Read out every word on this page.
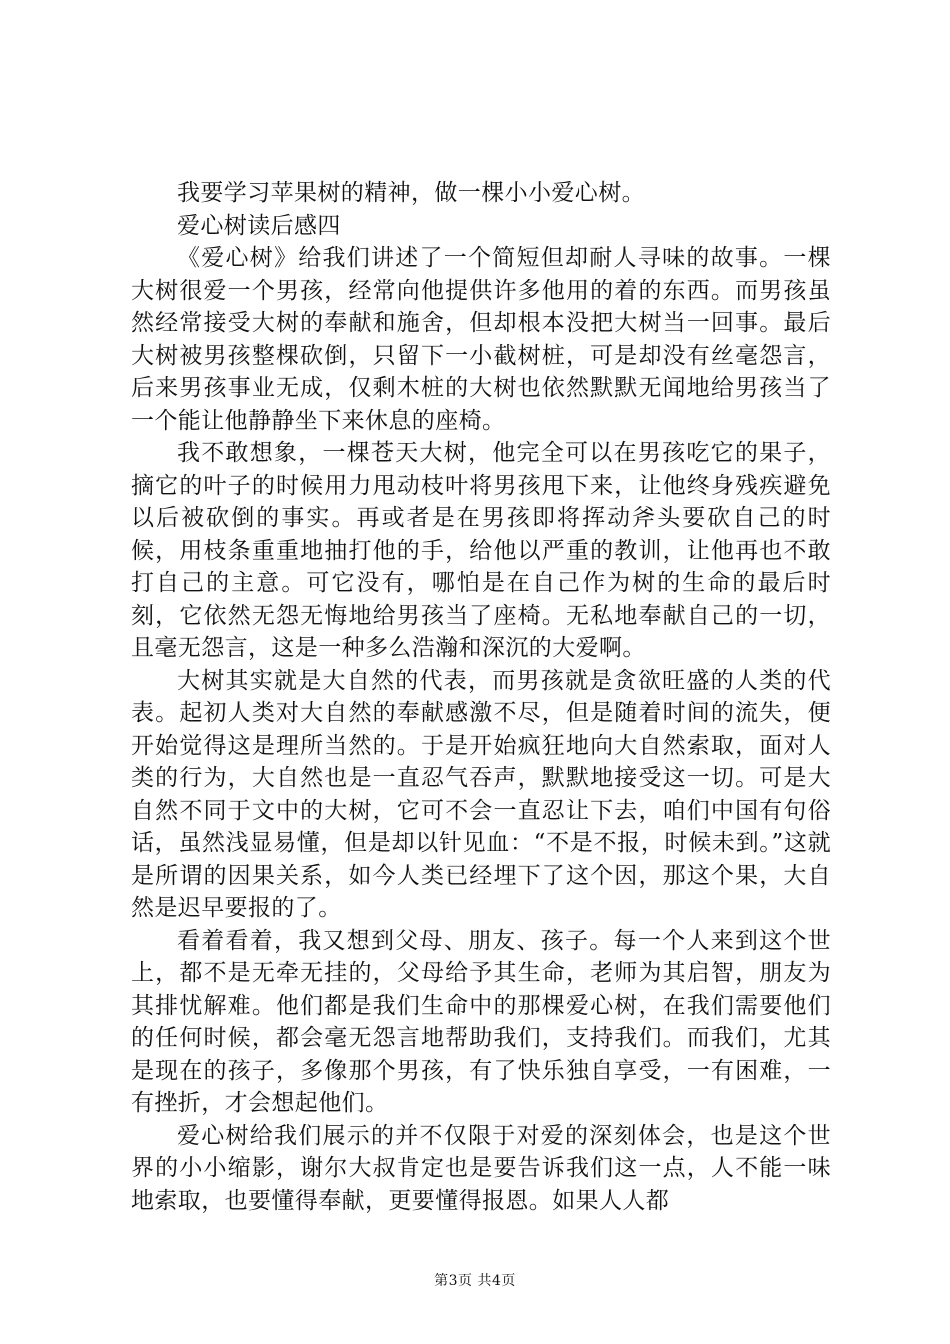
我要学习苹果树的精神，做一棵小小爱心树。

爱心树读后感四

《爱心树》给我们讲述了一个简短但却耐人寻味的故事。一棵大树很爱一个男孩，经常向他提供许多他用的着的东西。而男孩虽然经常接受大树的奉献和施舍，但却根本没把大树当一回事。最后大树被男孩整棵砍倒，只留下一小截树桩，可是却没有丝毫怨言，后来男孩事业无成，仅剩木桩的大树也依然默默无闻地给男孩当了一个能让他静静坐下来休息的座椅。

我不敢想象，一棵苍天大树，他完全可以在男孩吃它的果子，摘它的叶子的时候用力甩动枝叶将男孩甩下来，让他终身残疾避免以后被砍倒的事实。再或者是在男孩即将挥动斧头要砍自己的时候，用枝条重重地抽打他的手，给他以严重的教训，让他再也不敢打自己的主意。可它没有，哪怕是在自己作为树的生命的最后时刻，它依然无怨无悔地给男孩当了座椅。无私地奉献自己的一切，且毫无怨言，这是一种多么浩瀚和深沉的大爱啊。

大树其实就是大自然的代表，而男孩就是贪欲旺盛的人类的代表。起初人类对大自然的奉献感激不尽，但是随着时间的流失，便开始觉得这是理所当然的。于是开始疯狂地向大自然索取，面对人类的行为，大自然也是一直忍气吞声，默默地接受这一切。可是大自然不同于文中的大树，它可不会一直忍让下去，咱们中国有句俗话，虽然浅显易懂，但是却以针见血：“不是不报，时候未到。”这就是所谓的因果关系，如今人类已经埋下了这个因，那这个果，大自然是迟早要报的了。

看着看着，我又想到父母、朋友、孩子。每一个人来到这个世上，都不是无牵无挂的，父母给予其生命，老师为其启智，朋友为其排忧解难。他们都是我们生命中的那棵爱心树，在我们需要他们的任何时候，都会毫无怨言地帮助我们，支持我们。而我们，尤其是现在的孩子，多像那个男孩，有了快乐独自享受，一有困难，一有挫折，才会想起他们。

爱心树给我们展示的并不仅限于对爱的深刻体会，也是这个世界的小小缩影，谢尔大叔肯定也是要告诉我们这一点，人不能一味地索取，也要懂得奉献，更要懂得报恩。如果人人都

第3页 共4页
